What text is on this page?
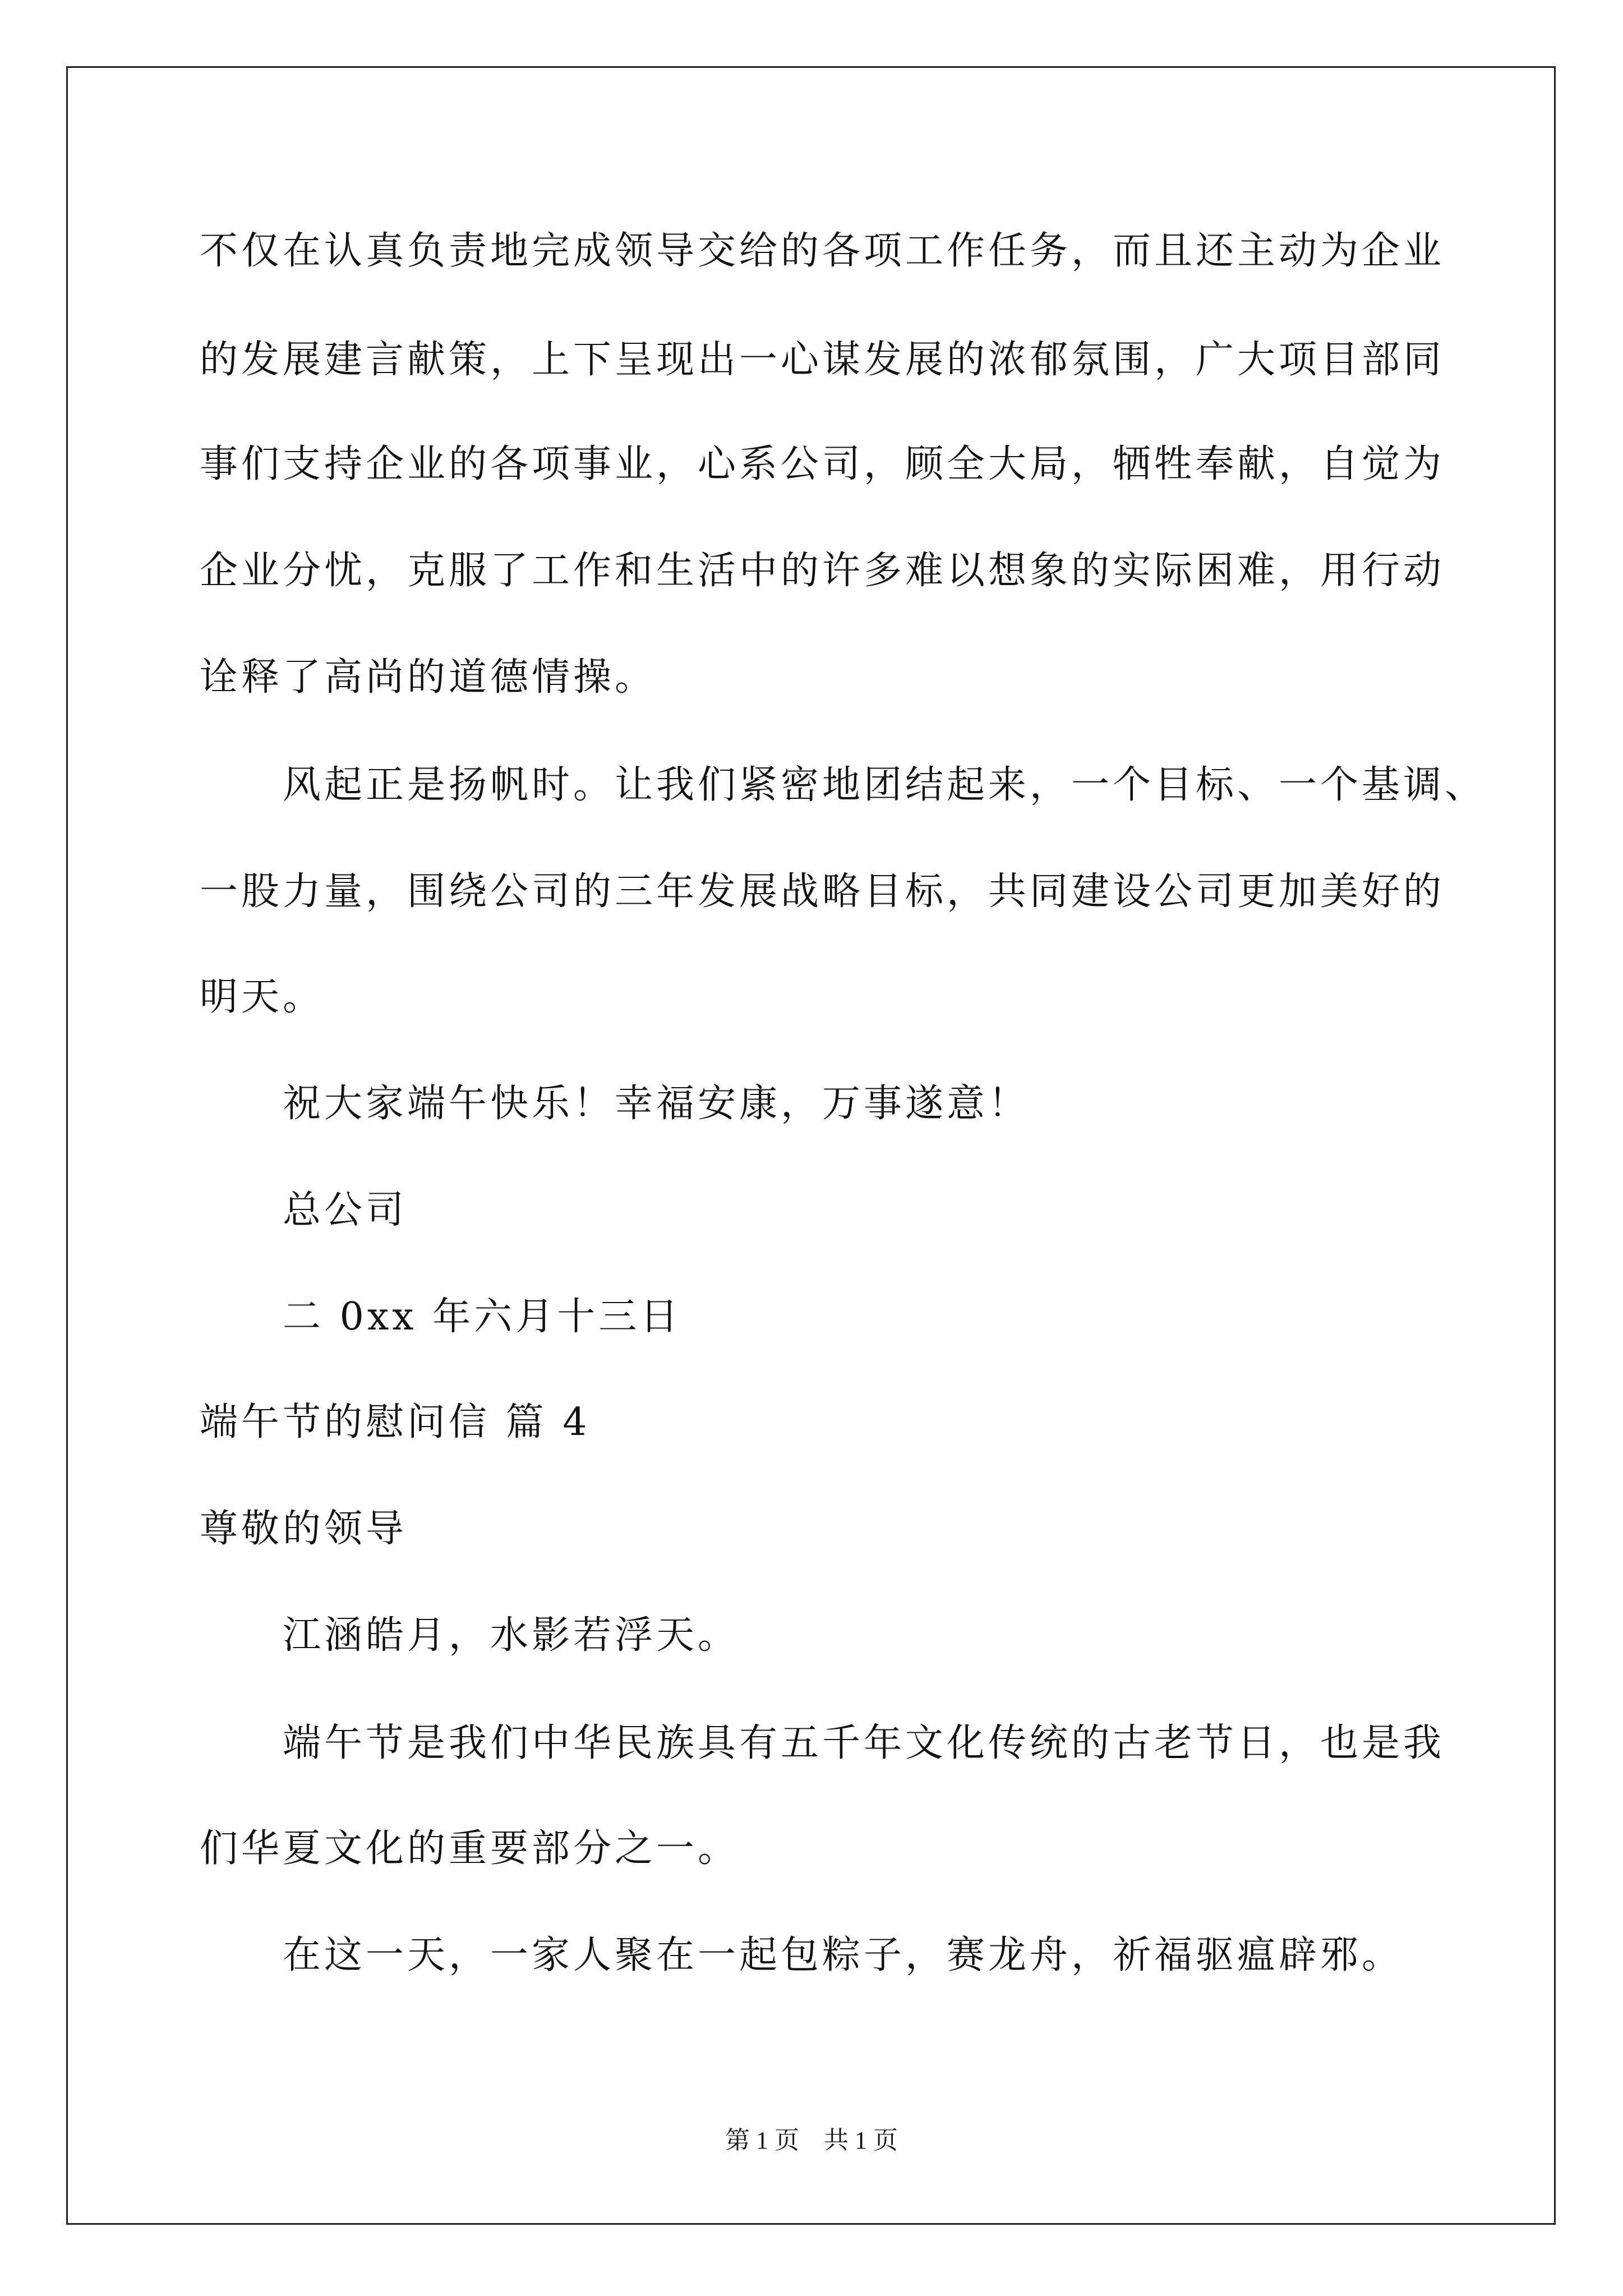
不仅在认真负责地完成领导交给的各项工作任务，而且还主动为企业
的发展建言献策，上下呈现出一心谋发展的浓郁氛围，广大项目部同
事们支持企业的各项事业，心系公司，顾全大局，牺牲奉献，自觉为
企业分忧，克服了工作和生活中的许多难以想象的实际困难，用行动
诠释了高尚的道德情操。
风起正是扬帆时。让我们紧密地团结起来，一个目标、一个基调、
一股力量，围绕公司的三年发展战略目标，共同建设公司更加美好的
明天。
祝大家端午快乐！幸福安康，万事遂意！
总公司
二 0xx 年六月十三日
端午节的慰问信 篇 4
尊敬的领导
江涵皓月，水影若浮天。
端午节是我们中华民族具有五千年文化传统的古老节日，也是我
们华夏文化的重要部分之一。
在这一天，一家人聚在一起包粽子，赛龙舟，祈福驱瘟辟邪。
第 1 页    共 1 页
